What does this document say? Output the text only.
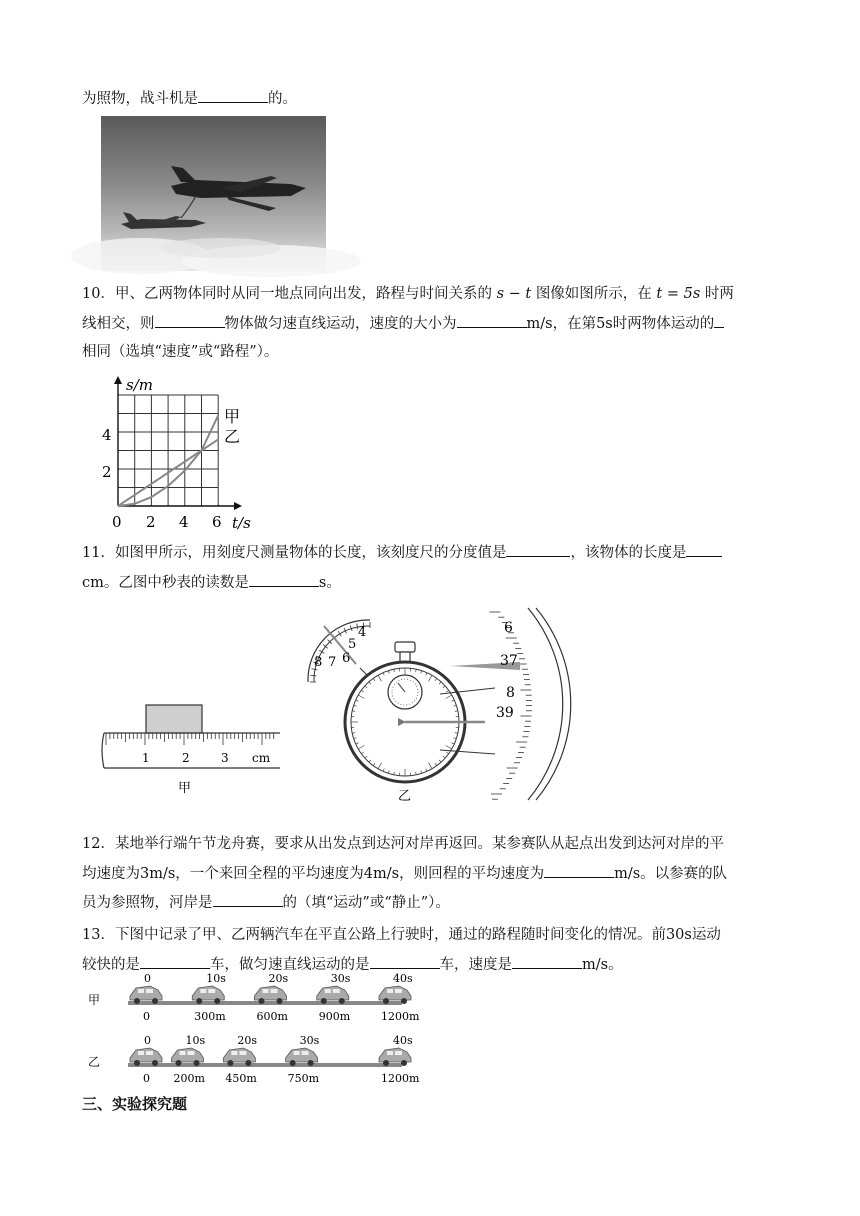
为照物，战斗机是	的。
10．甲、乙两物体同时从同一地点同向出发，路程与时间关系的 s − t 图像如图所示，在 t = 5s 时两
线相交，则	物体做匀速直线运动，速度的大小为	m/s，在第5s时两物体运动的
相同（选填“速度”或“路程”）。
s/m
t/s
0 2 4 6
2
4
甲
乙
11．如图甲所示，用刻度尺测量物体的长度，该刻度尺的分度值是	，该物体的长度是
cm。乙图中秒表的读数是	s。
1	2	3 cm
甲
8 7 6
5
4	6
37
8
39
乙
12．某地举行端午节龙舟赛，要求从出发点到达河对岸再返回。某参赛队从起点出发到达河对岸的平
均速度为3m/s，一个来回全程的平均速度为4m/s，则回程的平均速度为	m/s。以参赛的队
员为参照物，河岸是	的（填“运动”或“静止”）。
13．下图中记录了甲、乙两辆汽车在平直公路上行驶时，通过的路程随时间变化的情况。前30s运动
较快的是	车，做匀速直线运动的是	车，速度是	m/s。
甲
0	10s	20s	30s	40s
0	300m	600m	900m	1200m
乙
0	10s	20s	30s	40s
0 200m 450m	750m	1200m
三、实验探究题
